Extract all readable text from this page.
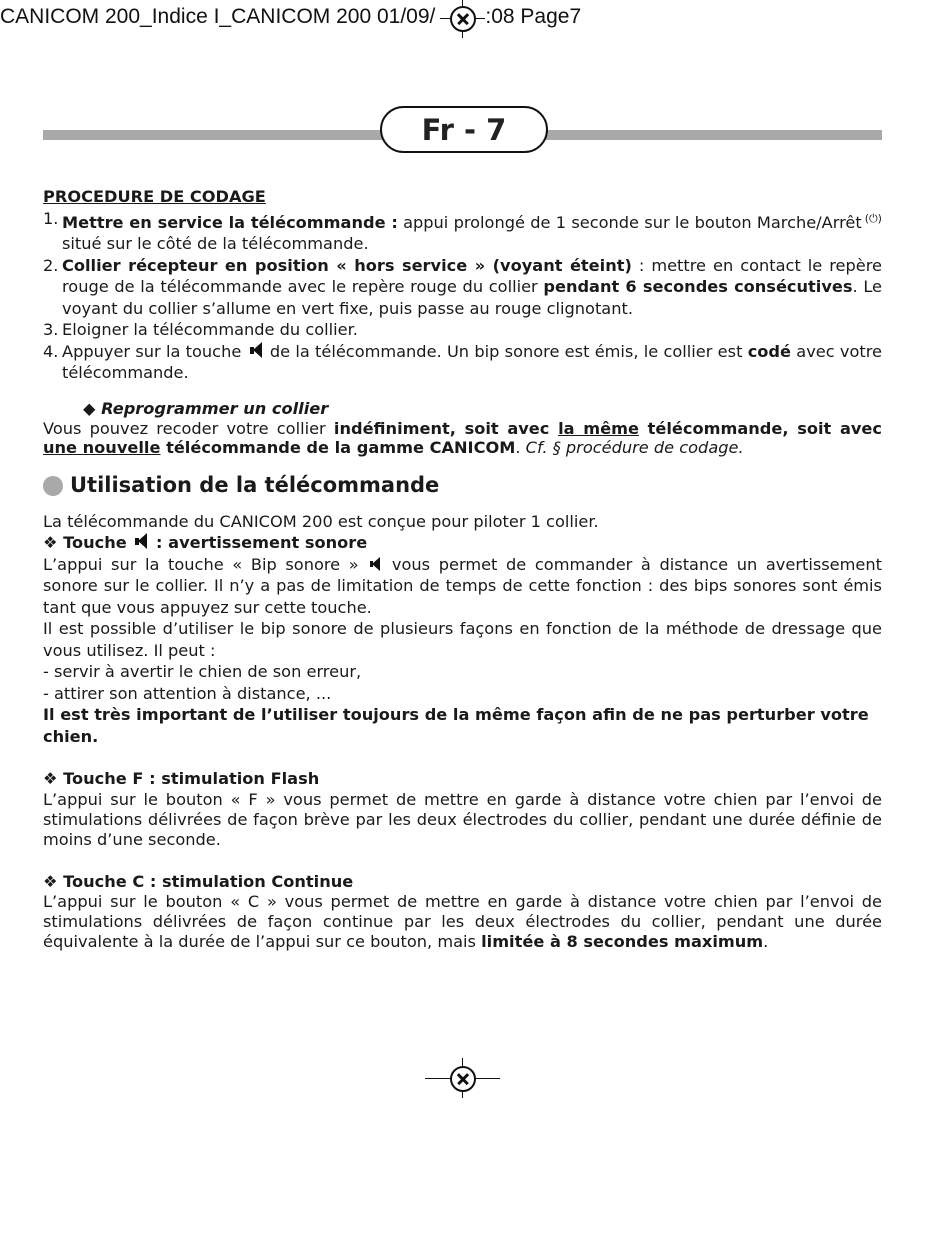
CANICOM 200_Indice I_CANICOM 200 01/09/ :08 Page7
Fr - 7
PROCEDURE DE CODAGE
1. Mettre en service la télécommande : appui prolongé de 1 seconde sur le bouton Marche/Arrêt (⏻) situé sur le côté de la télécommande.
2. Collier récepteur en position « hors service » (voyant éteint) : mettre en contact le repère rouge de la télécommande avec le repère rouge du collier pendant 6 secondes consécutives. Le voyant du collier s’allume en vert fixe, puis passe au rouge clignotant.
3. Eloigner la télécommande du collier.
4. Appuyer sur la touche  de la télécommande. Un bip sonore est émis, le collier est codé avec votre télécommande.
◆ Reprogrammer un collier
Vous pouvez recoder votre collier indéfiniment, soit avec la même télécommande, soit avec une nouvelle télécommande de la gamme CANICOM. Cf. § procédure de codage.
Utilisation de la télécommande
La télécommande du CANICOM 200 est conçue pour piloter 1 collier.
❖ Touche  : avertissement sonore
L’appui sur la touche « Bip sonore »  vous permet de commander à distance un avertissement sonore sur le collier. Il n’y a pas de limitation de temps de cette fonction : des bips sonores sont émis tant que vous appuyez sur cette touche.
Il est possible d’utiliser le bip sonore de plusieurs façons en fonction de la méthode de dressage que vous utilisez. Il peut :
- servir à avertir le chien de son erreur,
- attirer son attention à distance, ...
Il est très important de l’utiliser toujours de la même façon afin de ne pas perturber votre chien.
❖ Touche F : stimulation Flash
L’appui sur le bouton « F » vous permet de mettre en garde à distance votre chien par l’envoi de stimulations délivrées de façon brève par les deux électrodes du collier, pendant une durée définie de moins d’une seconde.
❖ Touche C : stimulation Continue
L’appui sur le bouton « C » vous permet de mettre en garde à distance votre chien par l’envoi de stimulations délivrées de façon continue par les deux électrodes du collier, pendant une durée équivalente à la durée de l’appui sur ce bouton, mais limitée à 8 secondes maximum.
